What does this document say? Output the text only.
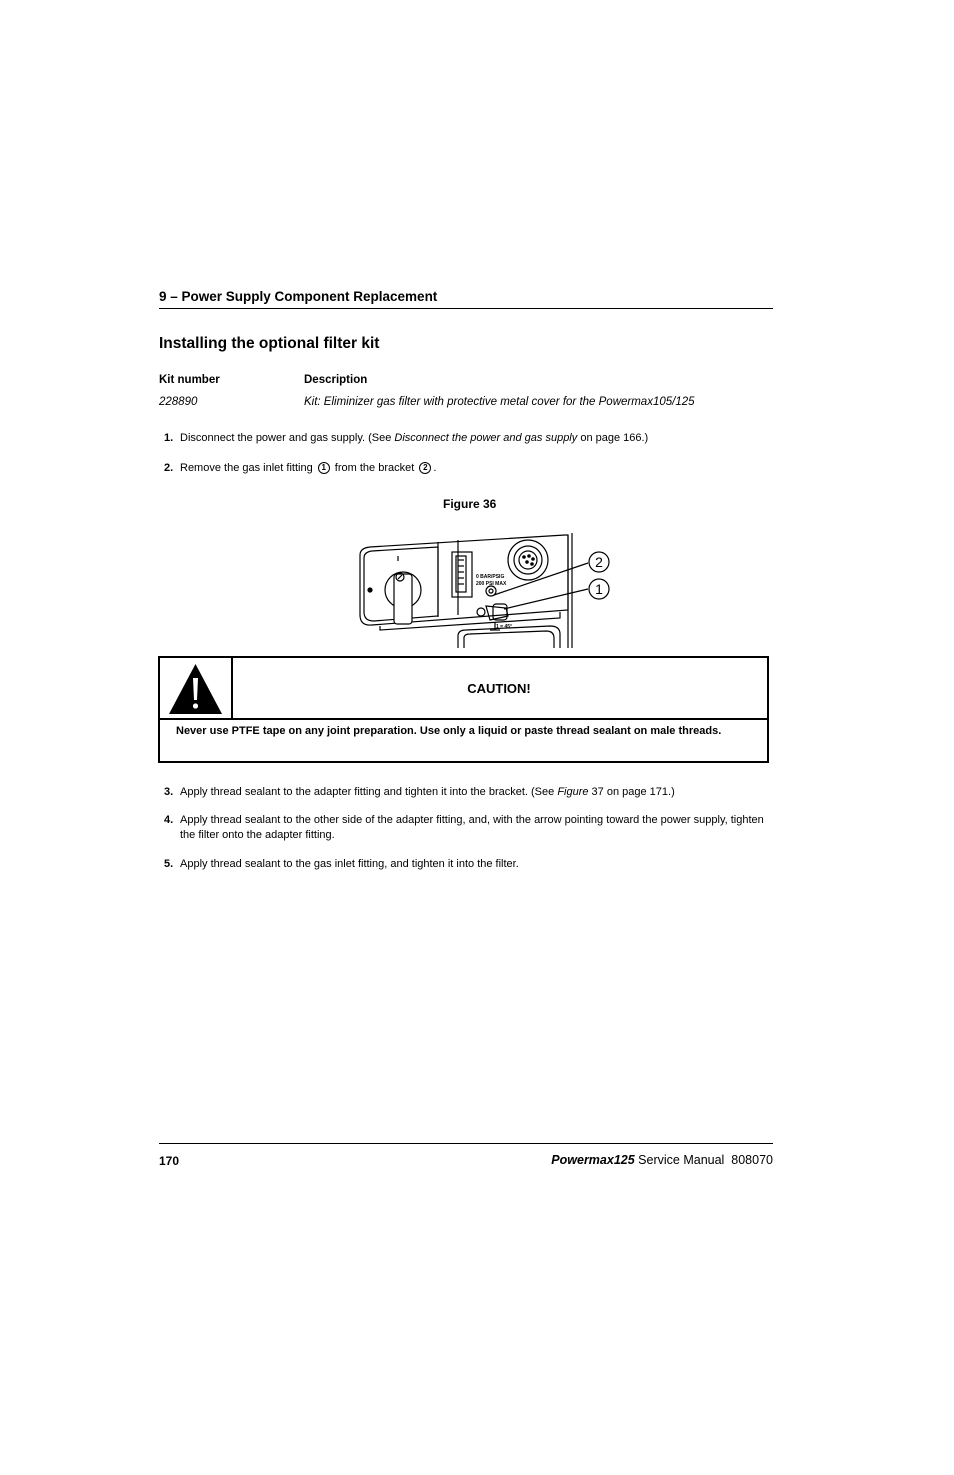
9 – Power Supply Component Replacement
Installing the optional filter kit
Kit number	Description
228890	Kit: Eliminizer gas filter with protective metal cover for the Powermax105/125
1. Disconnect the power and gas supply. (See Disconnect the power and gas supply on page 166.)
2. Remove the gas inlet fitting 1 from the bracket 2 .
Figure 36
0 BAR/PSIG
200 PSI MAX
1 = 45°
2
1
CAUTION!
Never use PTFE tape on any joint preparation. Use only a liquid or paste thread sealant on male threads.
3. Apply thread sealant to the adapter fitting and tighten it into the bracket. (See Figure 37 on page 171.)
4. Apply thread sealant to the other side of the adapter fitting, and, with the arrow pointing toward the power supply, tighten the filter onto the adapter fitting.
5. Apply thread sealant to the gas inlet fitting, and tighten it into the filter.
170	Powermax125 Service Manual 808070
